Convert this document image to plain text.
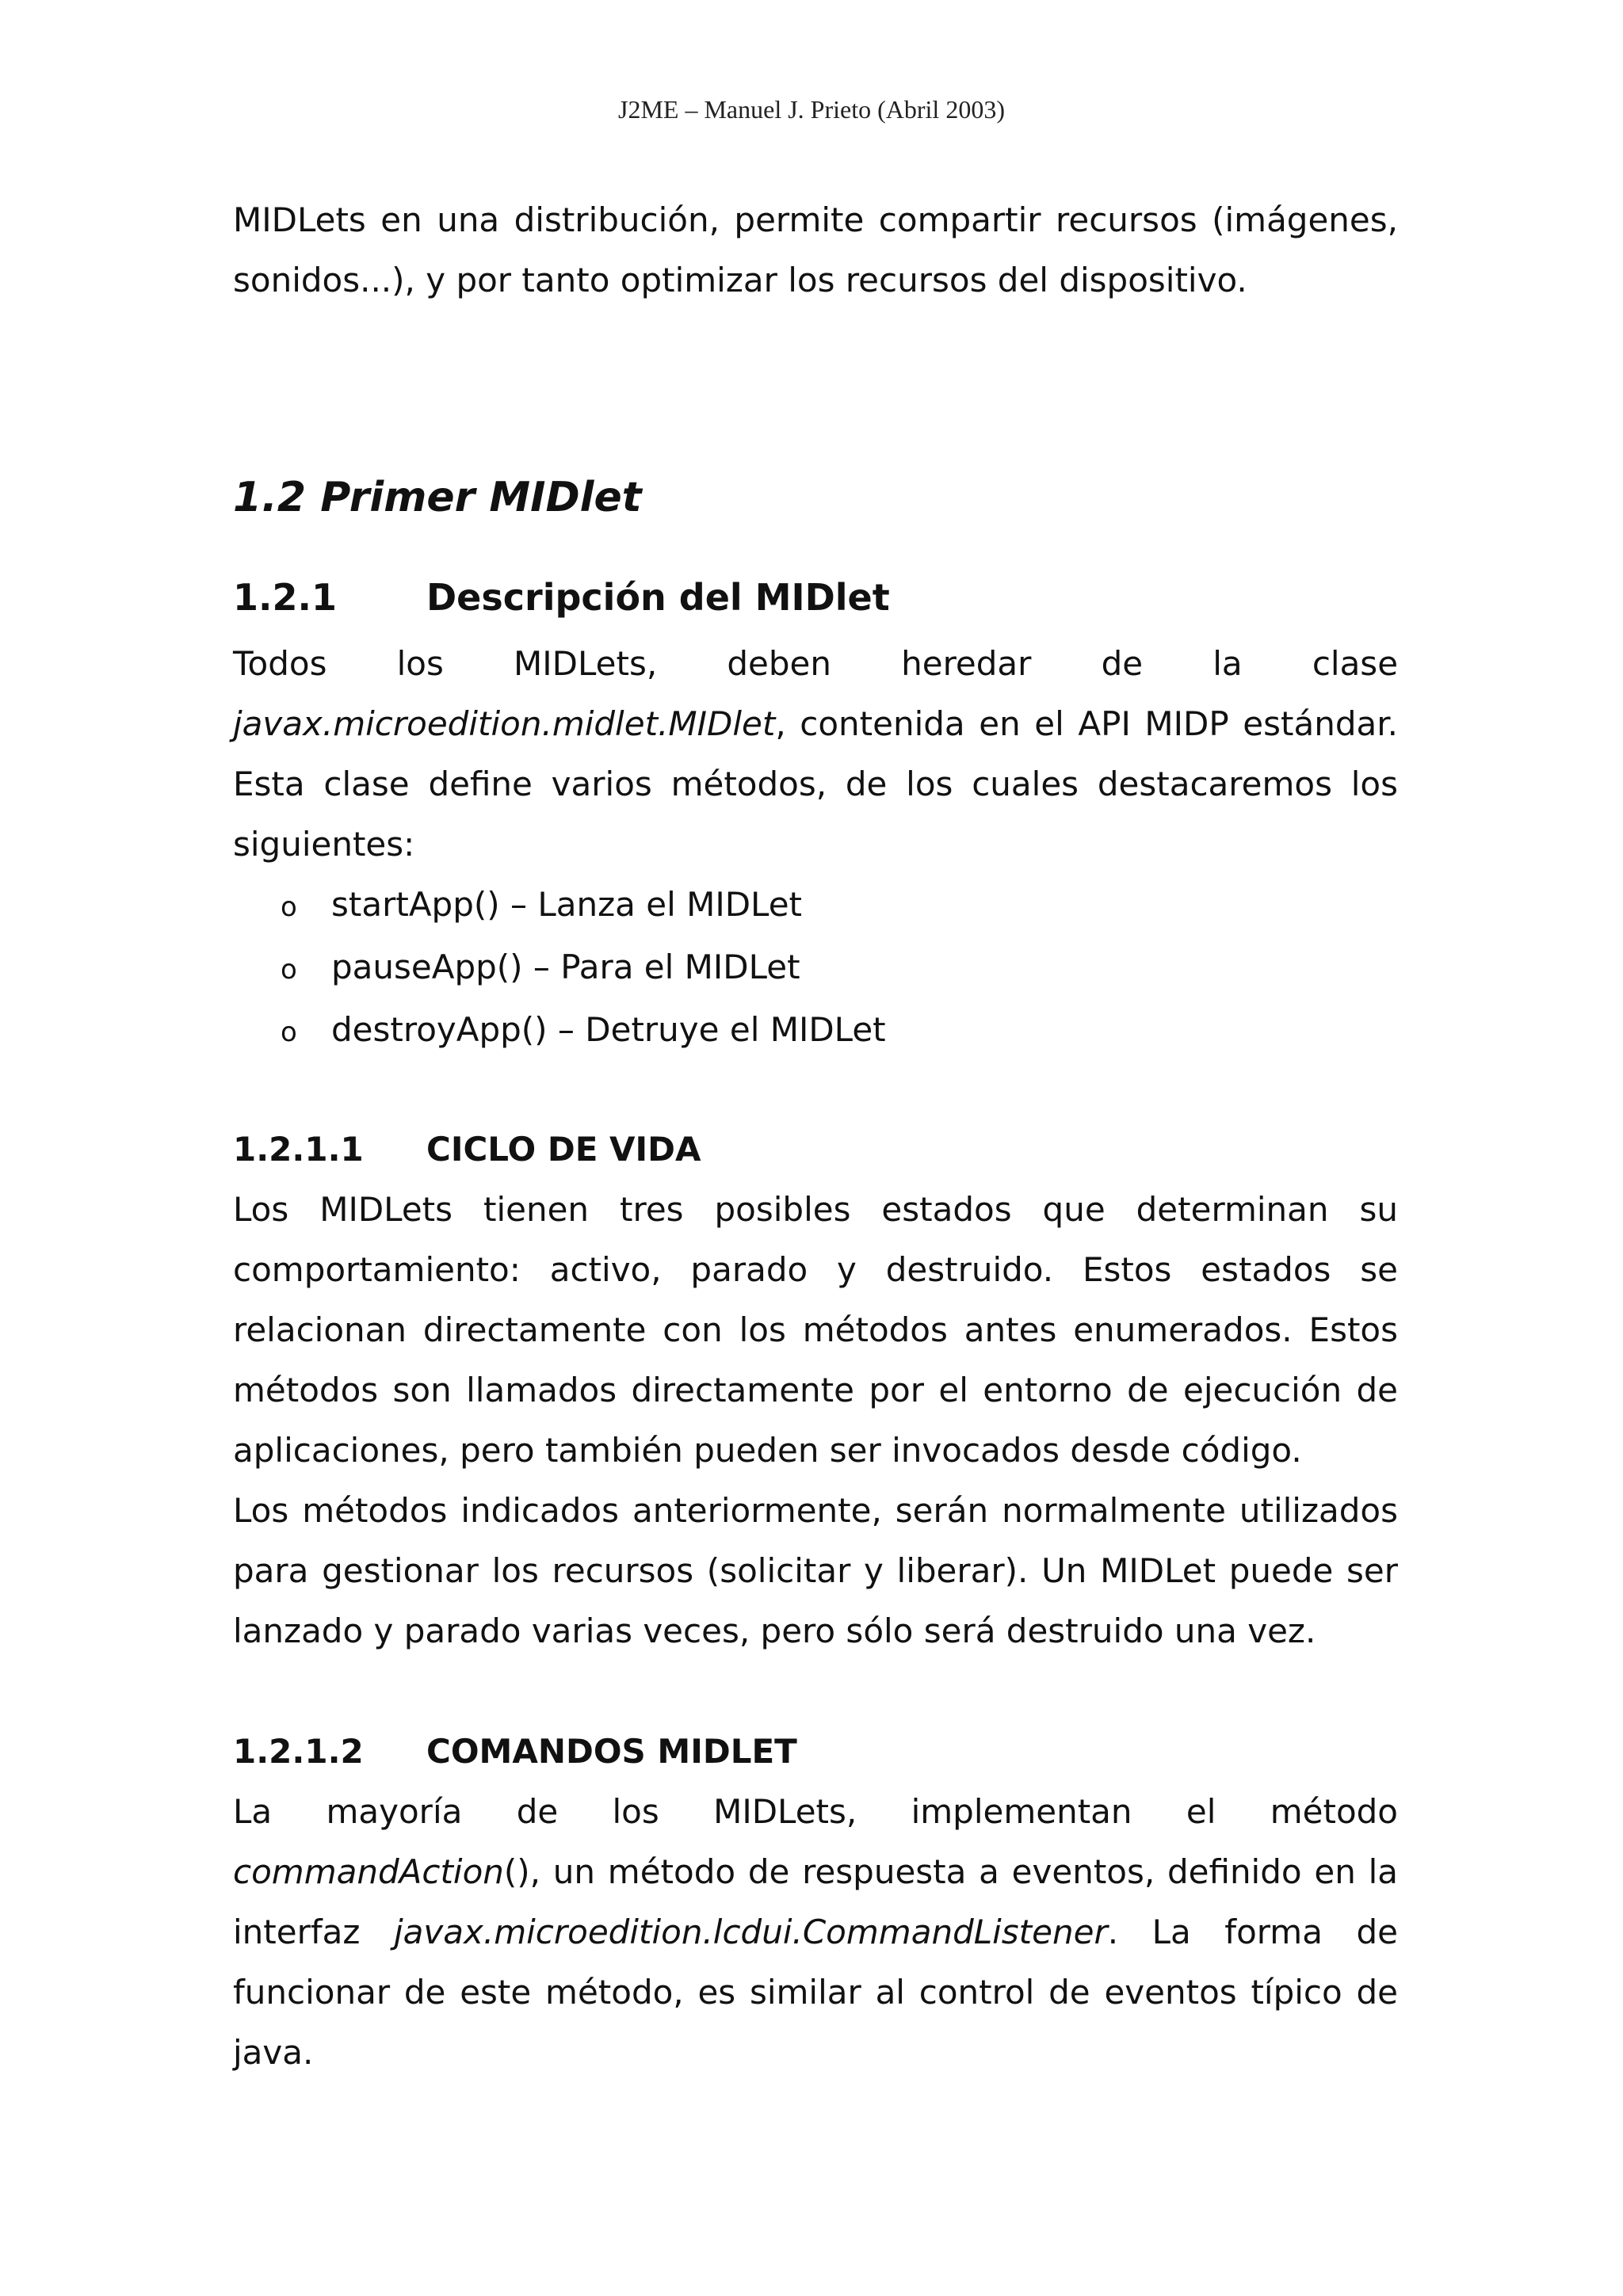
J2ME – Manuel J. Prieto (Abril 2003)

MIDLets en una distribución, permite compartir recursos (imágenes, sonidos...), y por tanto optimizar los recursos del dispositivo.

1.2 Primer MIDlet
1.2.1	Descripción del MIDlet

Todos los MIDLets, deben heredar de la clase

javax.microedition.midlet.MIDlet, contenida en el API MIDP estándar. Esta clase define varios métodos, de los cuales destacaremos los siguientes:

o	startApp() – Lanza el MIDLet
o	pauseApp() – Para el MIDLet
o	destroyApp() – Detruye el MIDLet
1.2.1.1	CICLO DE VIDA

Los MIDLets tienen tres posibles estados que determinan su comportamiento: activo, parado y destruido. Estos estados se relacionan directamente con los métodos antes enumerados. Estos métodos son llamados directamente por el entorno de ejecución de aplicaciones, pero también pueden ser invocados desde código.

Los métodos indicados anteriormente, serán normalmente utilizados para gestionar los recursos (solicitar y liberar). Un MIDLet puede ser lanzado y parado varias veces, pero sólo será destruido una vez.

1.2.1.2	COMANDOS MIDLET

La mayoría de los MIDLets, implementan el método

commandAction(), un método de respuesta a eventos, definido en la interfaz javax.microedition.lcdui.CommandListener. La forma de funcionar de este método, es similar al control de eventos típico de java.
